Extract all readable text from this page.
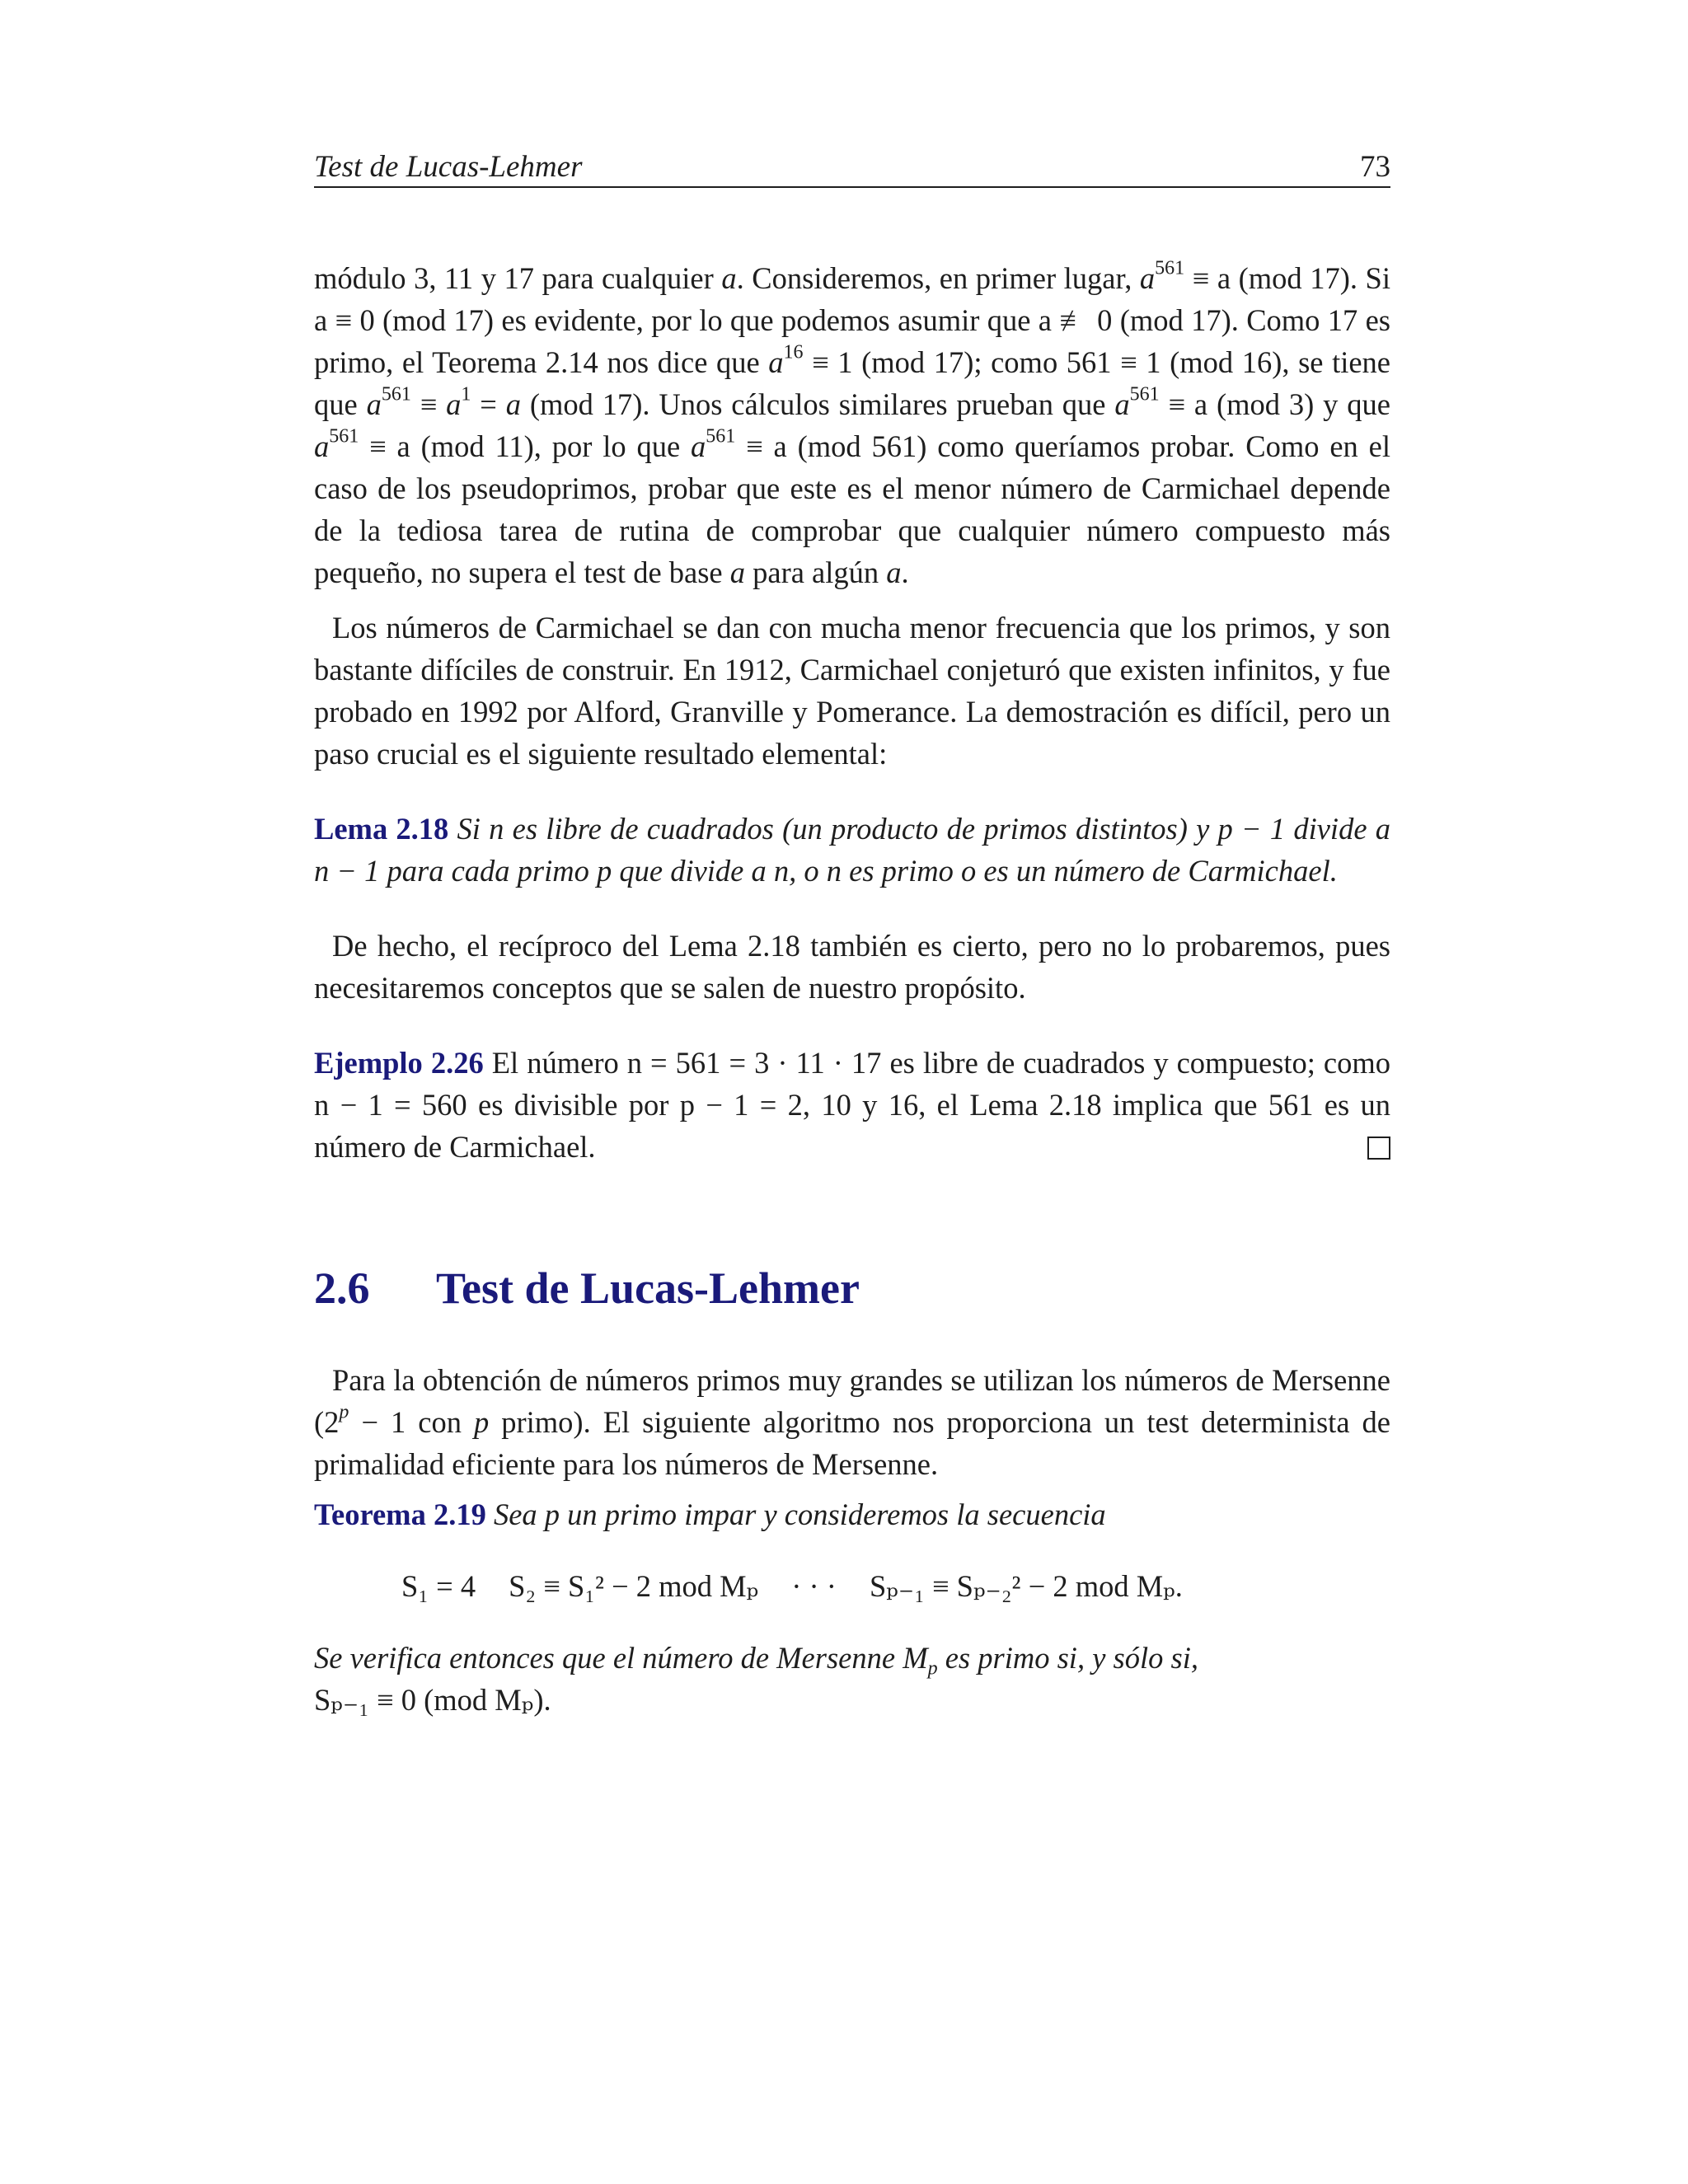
Test de Lucas-Lehmer	73

módulo 3, 11 y 17 para cualquier a. Consideremos, en primer lugar, $a^{561} \equiv a$ (mod 17). Si a ≡ 0 (mod 17) es evidente, por lo que podemos asumir que a ≢ 0 (mod 17). Como 17 es primo, el Teorema 2.14 nos dice que $a^{16} \equiv 1$ (mod 17); como 561 ≡ 1 (mod 16), se tiene que $a^{561} \equiv a^1 = a$ (mod 17). Unos cálculos similares prueban que $a^{561} \equiv a$ (mod 3) y que $a^{561} \equiv a$ (mod 11), por lo que $a^{561} \equiv a$ (mod 561) como queríamos probar. Como en el caso de los pseudoprimos, probar que este es el menor número de Carmichael depende de la tediosa tarea de rutina de comprobar que cualquier número compuesto más pequeño, no supera el test de base a para algún a.

Los números de Carmichael se dan con mucha menor frecuencia que los primos, y son bastante difíciles de construir. En 1912, Carmichael conjeturó que existen infinitos, y fue probado en 1992 por Alford, Granville y Pomerance. La demostración es difícil, pero un paso crucial es el siguiente resultado elemental:

Lema 2.18 Si n es libre de cuadrados (un producto de primos distintos) y p − 1 divide a n − 1 para cada primo p que divide a n, o n es primo o es un número de Carmichael.

De hecho, el recíproco del Lema 2.18 también es cierto, pero no lo probaremos, pues necesitaremos conceptos que se salen de nuestro propósito.

Ejemplo 2.26 El número n = 561 = 3 · 11 · 17 es libre de cuadrados y compuesto; como n − 1 = 560 es divisible por p − 1 = 2, 10 y 16, el Lema 2.18 implica que 561 es un número de Carmichael.

2.6 Test de Lucas-Lehmer

Para la obtención de números primos muy grandes se utilizan los números de Mersenne ($2^p - 1$ con p primo). El siguiente algoritmo nos proporciona un test determinista de primalidad eficiente para los números de Mersenne.

Teorema 2.19 Sea p un primo impar y consideremos la secuencia

S₁ = 4 S₂ ≡ S₁² − 2 mod Mₚ · · · Sₚ₋₁ ≡ Sₚ₋₂² − 2 mod Mₚ.

Se verifica entonces que el número de Mersenne $M_p$ es primo si, y sólo si,
Sₚ₋₁ ≡ 0 (mod Mₚ).
